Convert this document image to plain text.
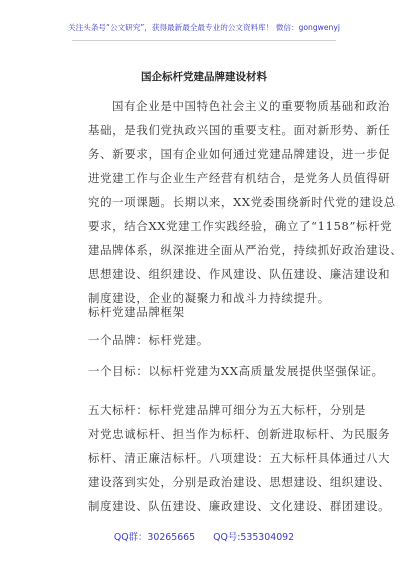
关注头条号“公文研究”，获得最新最全最专业的公文资料库！ 微信：gongwenyj
国企标杆党建品牌建设材料
国有企业是中国特色社会主义的重要物质基础和政治
基础，是我们党执政兴国的重要支柱。面对新形势、新任
务、新要求，国有企业如何通过党建品牌建设，进一步促
进党建工作与企业生产经营有机结合，是党务人员值得研
究的一项课题。长期以来，XX党委围绕新时代党的建设总
要求，结合XX党建工作实践经验，确立了“1158”标杆党
建品牌体系，纵深推进全面从严治党，持续抓好政治建设、
思想建设、组织建设、作风建设、队伍建设、廉洁建设和
制度建设，企业的凝聚力和战斗力持续提升。
标杆党建品牌框架
一个品牌：标杆党建。
一个目标：以标杆党建为XX高质量发展提供坚强保证。
五大标杆：标杆党建品牌可细分为五大标杆，分别是
对党忠诚标杆、担当作为标杆、创新进取标杆、为民服务
标杆、清正廉洁标杆。八项建设：五大标杆具体通过八大
建设落到实处，分别是政治建设、思想建设、组织建设、
制度建设、队伍建设、廉政建设、文化建设、群团建设。
QQ群：30265665 QQ号:535304092
